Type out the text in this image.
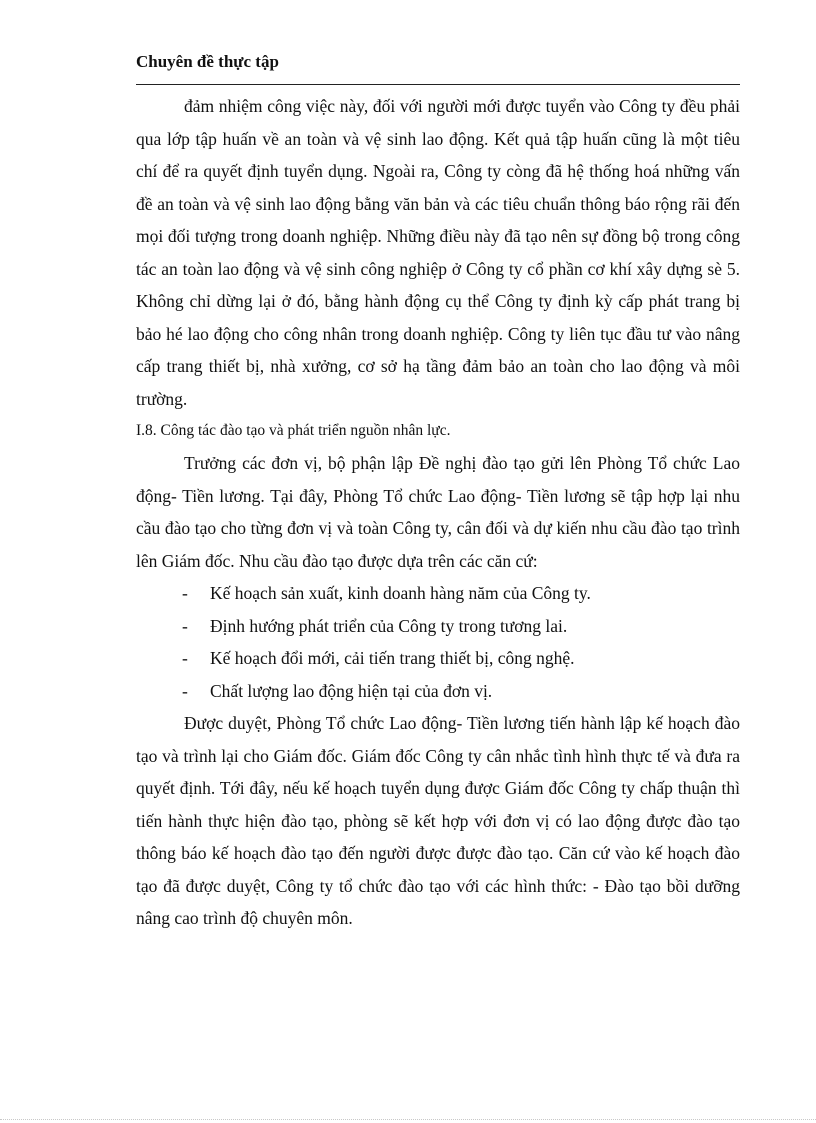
Chuyên đề thực tập

đảm nhiệm công việc này, đối với người mới được tuyển vào Công ty đều phải qua lớp tập huấn về an toàn và vệ sinh lao động. Kết quả tập huấn cũng là một tiêu chí để ra quyết định tuyển dụng. Ngoài ra, Công ty còng đã hệ thống hoá những vấn đề an toàn và vệ sinh lao động bằng văn bản và các tiêu chuẩn thông báo rộng rãi đến mọi đối tượng trong doanh nghiệp. Những điều này đã tạo nên sự đồng bộ trong công tác an toàn lao động và vệ sinh công nghiệp ở Công ty cổ phần cơ khí xây dựng sè 5. Không chỉ dừng lại ở đó, bằng hành động cụ thể Công ty định kỳ cấp phát trang bị bảo hé lao động cho công nhân trong doanh nghiệp. Công ty liên tục đầu tư vào nâng cấp trang thiết bị, nhà xưởng, cơ sở hạ tầng đảm bảo an toàn cho lao động và môi trường.

I.8. Công tác đào tạo và phát triển nguồn nhân lực.

Trưởng các đơn vị, bộ phận lập Đề nghị đào tạo gửi lên Phòng Tổ chức Lao động- Tiền lương. Tại đây, Phòng Tổ chức Lao động- Tiền lương sẽ tập hợp lại nhu cầu đào tạo cho từng đơn vị và toàn Công ty, cân đối và dự kiến nhu cầu đào tạo trình lên Giám đốc. Nhu cầu đào tạo được dựa trên các căn cứ:

- Kế hoạch sản xuất, kinh doanh hàng năm của Công ty.
- Định hướng phát triển của Công ty trong tương lai.
- Kế hoạch đổi mới, cải tiến trang thiết bị, công nghệ.
- Chất lượng lao động hiện tại của đơn vị.

Được duyệt, Phòng Tổ chức Lao động- Tiền lương tiến hành lập kế hoạch đào tạo và trình lại cho Giám đốc. Giám đốc Công ty cân nhắc tình hình thực tế và đưa ra quyết định. Tới đây, nếu kế hoạch tuyển dụng được Giám đốc Công ty chấp thuận thì tiến hành thực hiện đào tạo, phòng sẽ kết hợp với đơn vị có lao động được đào tạo thông báo kế hoạch đào tạo đến người được được đào tạo. Căn cứ vào kế hoạch đào tạo đã được duyệt, Công ty tổ chức đào tạo với các hình thức: - Đào tạo bồi dưỡng nâng cao trình độ chuyên môn.
